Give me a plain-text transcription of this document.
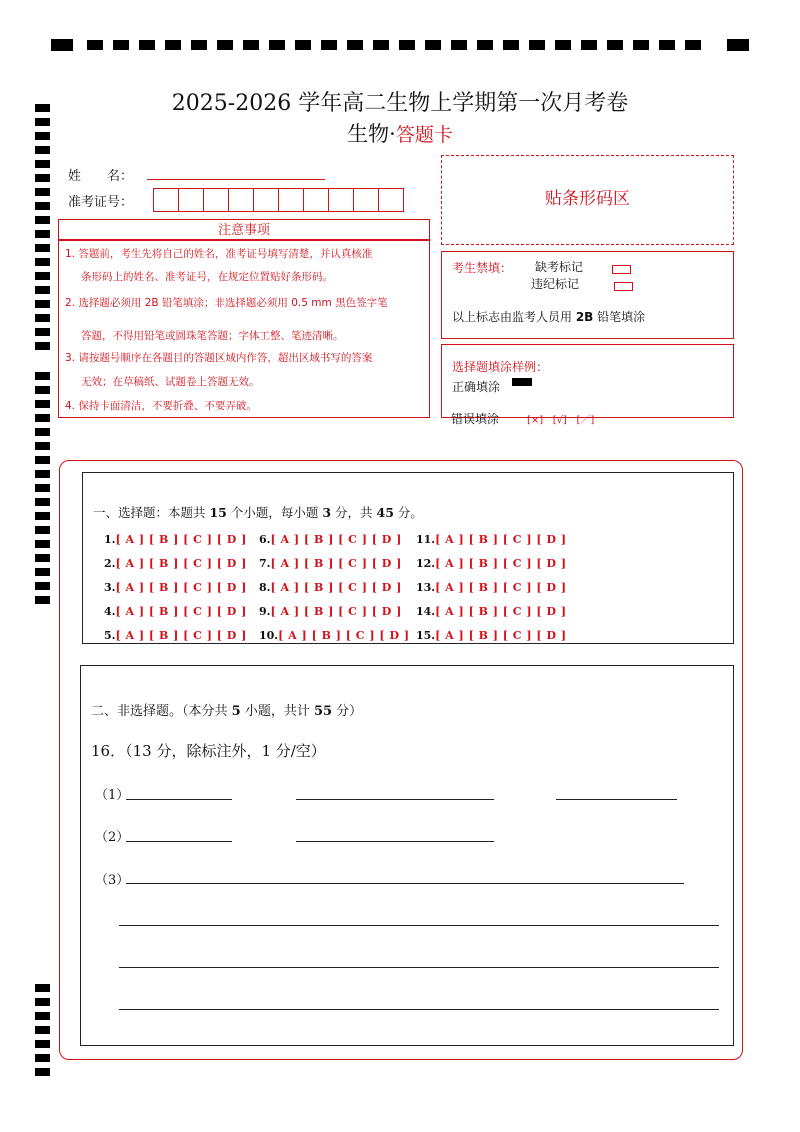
2025-2026 学年高二生物上学期第一次月考卷
生物·答题卡
姓　　名：
准考证号：	贴条形码区
注意事项
1. 答题前，考生先将自己的姓名，准考证号填写清楚，并认真核准
条形码上的姓名、准考证号，在规定位置贴好条形码。
2. 选择题必须用 2B 铅笔填涂；非选择题必须用 0.5 mm 黑色签字笔
答题，不得用铅笔或圆珠笔答题；字体工整、笔迹清晰。
3. 请按题号顺序在各题目的答题区域内作答，超出区域书写的答案
无效；在草稿纸、试题卷上答题无效。
4. 保持卡面清洁，不要折叠、不要弄破。
考生禁填： 缺考标记
违纪标记
以上标志由监考人员用 2B 铅笔填涂
选择题填涂样例：
正确填涂
错误填涂	[×] [√] [／]
一、选择题：本题共 15 个小题，每小题 3 分，共 45 分。
1.[ A ] [ B ] [ C ] [ D ]
2.[ A ] [ B ] [ C ] [ D ]
3.[ A ] [ B ] [ C ] [ D ]
4.[ A ] [ B ] [ C ] [ D ]
5.[ A ] [ B ] [ C ] [ D ]
6.[ A ] [ B ] [ C ] [ D ]
7.[ A ] [ B ] [ C ] [ D ]
8.[ A ] [ B ] [ C ] [ D ]
9.[ A ] [ B ] [ C ] [ D ]
10.[ A ] [ B ] [ C ] [ D ]
11.[ A ] [ B ] [ C ] [ D ]
12.[ A ] [ B ] [ C ] [ D ]
13.[ A ] [ B ] [ C ] [ D ]
14.[ A ] [ B ] [ C ] [ D ]
15.[ A ] [ B ] [ C ] [ D ]
二、非选择题。（本分共 5 小题，共计 55 分）
16．（13 分，除标注外，1 分/空）
（1）
（2）
（3）
